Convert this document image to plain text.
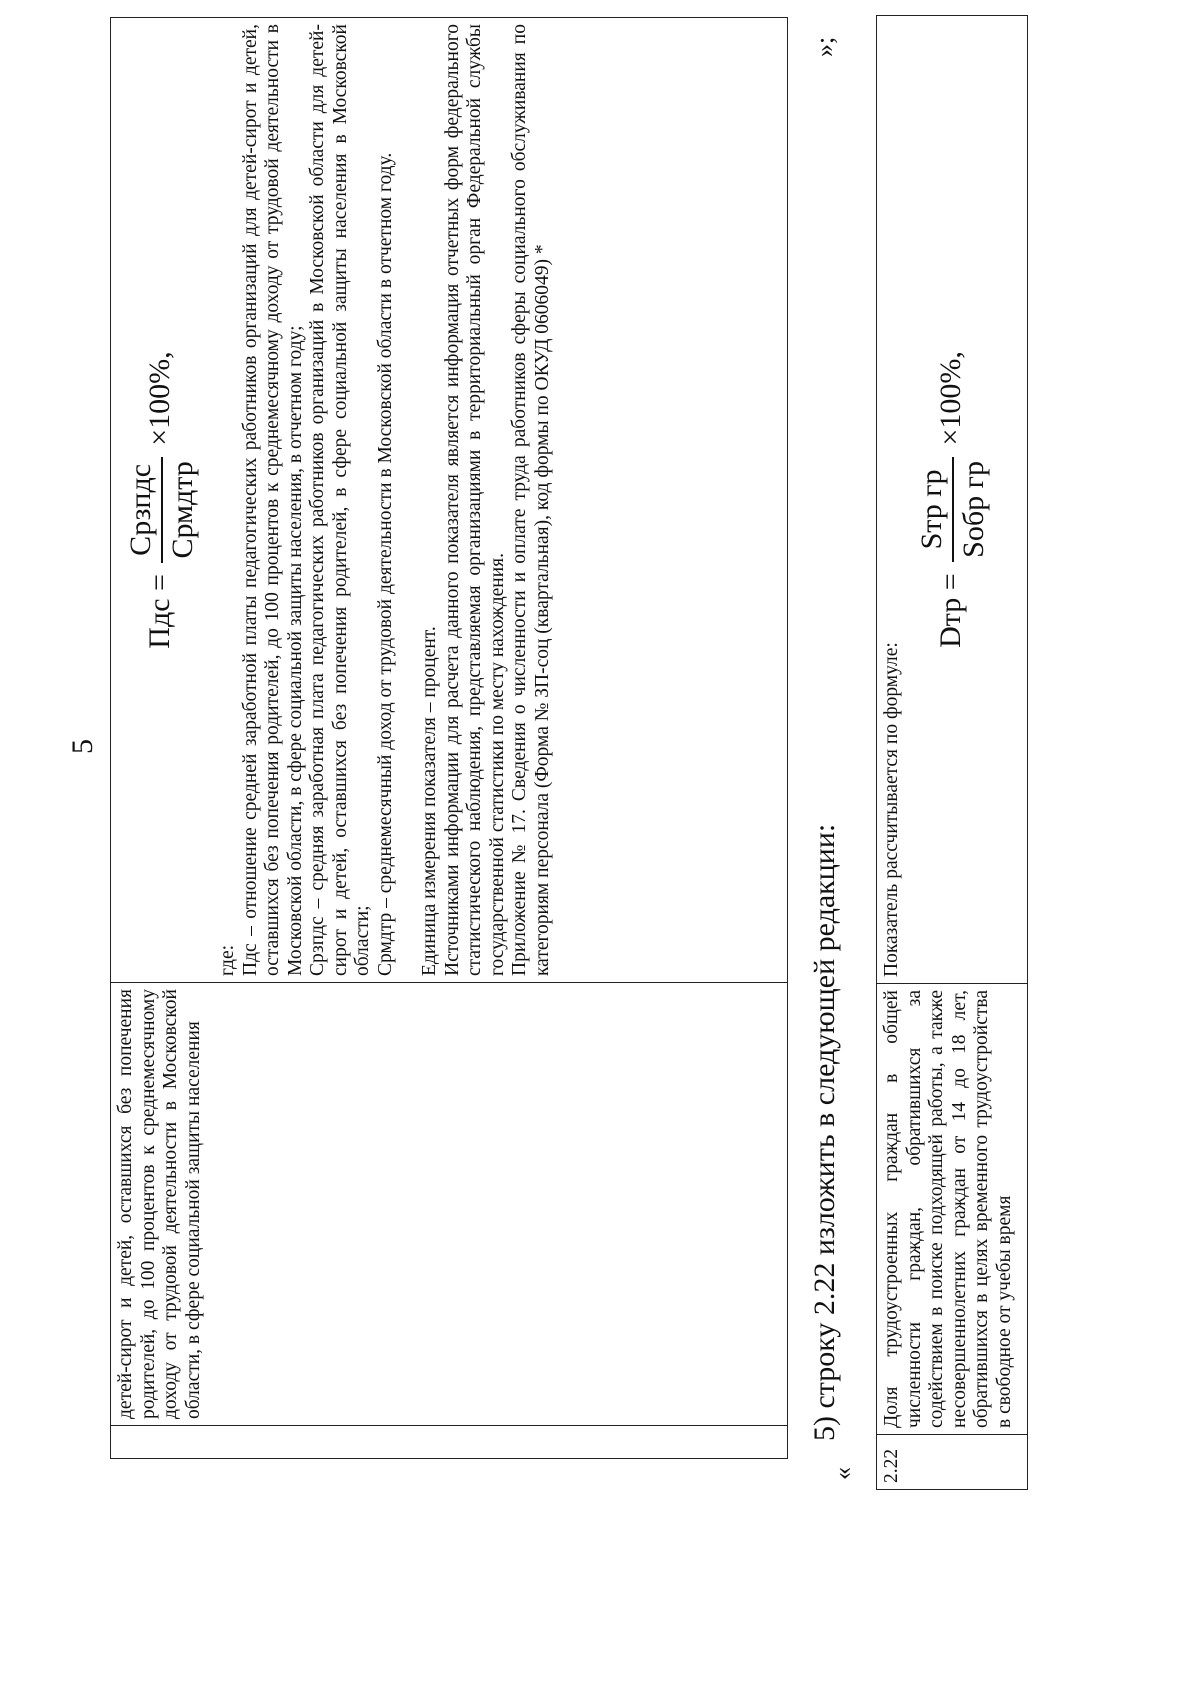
5
	детей-сирот и детей, оставшихся без попечения родителей, до 100 процентов к среднемесячному доходу от трудовой деятельности в Московской области, в сфере социальной защиты населения	
Пдс =
Срзпдс Срмдтр
×100%,

где: Пдс – отношение средней заработной платы педагогических работников организаций для детей-сирот и детей, оставшихся без попечения родителей, до 100 процентов к среднемесячному доходу от трудовой деятельности в Московской области, в сфере социальной защиты населения, в отчетном году; Срзпдс – средняя заработная плата педагогических работников организаций в Московской области для детей-сирот и детей, оставшихся без попечения родителей, в сфере социальной защиты населения в Московской области; Срмдтр – среднемесячный доход от трудовой деятельности в Московской области в отчетном году. Единица измерения показателя – процент. Источниками информации для расчета данного показателя является информация отчетных форм федерального статистического наблюдения, представляемая организациями в территориальный орган Федеральной службы государственной статистики по месту нахождения. Приложение № 17. Сведения о численности и оплате труда работников сферы социального обслуживания по категориям персонала (Форма № ЗП-соц (квартальная), код формы по ОКУД 0606049) *

»;
«
5) строку 2.22 изложить в следующей редакции:
2.22	Доля трудоустроенных граждан в общей численности граждан, обратившихся за содействием в поиске подходящей работы, а также несовершеннолетних граждан от 14 до 18 лет, обратившихся в целях временного трудоустройства в свободное от учебы время	

Показатель рассчитывается по формуле:

Dтр =
Sтр гр Sобр гр
×100%,
